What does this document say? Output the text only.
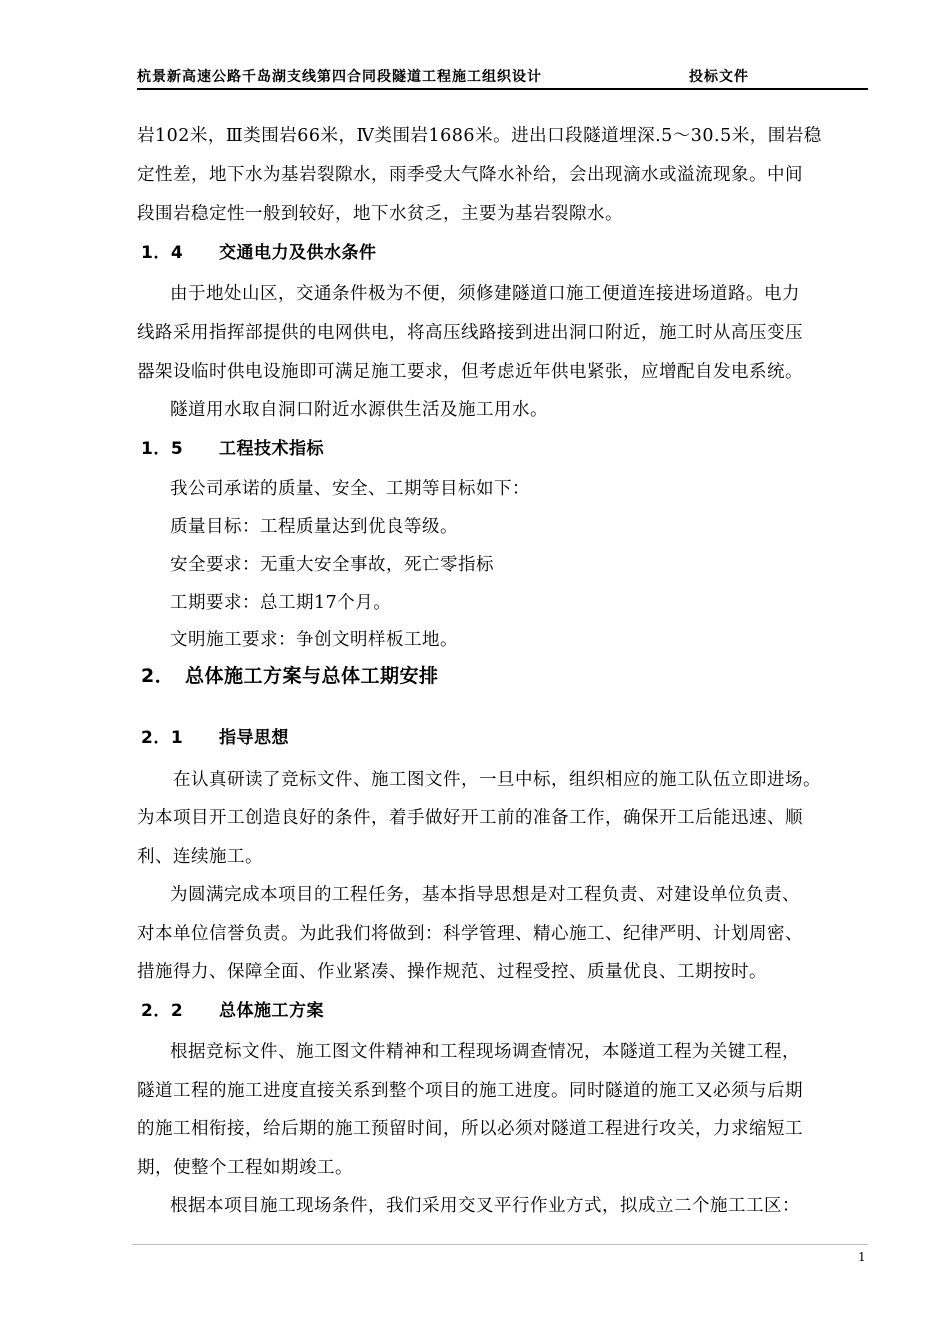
杭景新高速公路千岛湖支线第四合同段隧道工程施工组织设计	投标文件
岩102米，Ⅲ类围岩66米，Ⅳ类围岩1686米。进出口段隧道埋深.5～30.5米，围岩稳
定性差，地下水为基岩裂隙水，雨季受大气降水补给，会出现滴水或溢流现象。中间
段围岩稳定性一般到较好，地下水贫乏，主要为基岩裂隙水。
1．4 交通电力及供水条件
由于地处山区，交通条件极为不便，须修建隧道口施工便道连接进场道路。电力
线路采用指挥部提供的电网供电，将高压线路接到进出洞口附近，施工时从高压变压
器架设临时供电设施即可满足施工要求，但考虑近年供电紧张，应增配自发电系统。
隧道用水取自洞口附近水源供生活及施工用水。
1．5 工程技术指标
我公司承诺的质量、安全、工期等目标如下：
质量目标：工程质量达到优良等级。
安全要求：无重大安全事故，死亡零指标
工期要求：总工期17个月。
文明施工要求：争创文明样板工地。
2． 总体施工方案与总体工期安排
2．1 指导思想
在认真研读了竞标文件、施工图文件，一旦中标，组织相应的施工队伍立即进场。
为本项目开工创造良好的条件，着手做好开工前的准备工作，确保开工后能迅速、顺
利、连续施工。
为圆满完成本项目的工程任务，基本指导思想是对工程负责、对建设单位负责、
对本单位信誉负责。为此我们将做到：科学管理、精心施工、纪律严明、计划周密、
措施得力、保障全面、作业紧凑、操作规范、过程受控、质量优良、工期按时。
2．2 总体施工方案
根据竞标文件、施工图文件精神和工程现场调查情况，本隧道工程为关键工程，
隧道工程的施工进度直接关系到整个项目的施工进度。同时隧道的施工又必须与后期
的施工相衔接，给后期的施工预留时间，所以必须对隧道工程进行攻关，力求缩短工
期，使整个工程如期竣工。
根据本项目施工现场条件，我们采用交叉平行作业方式，拟成立二个施工工区：
1
